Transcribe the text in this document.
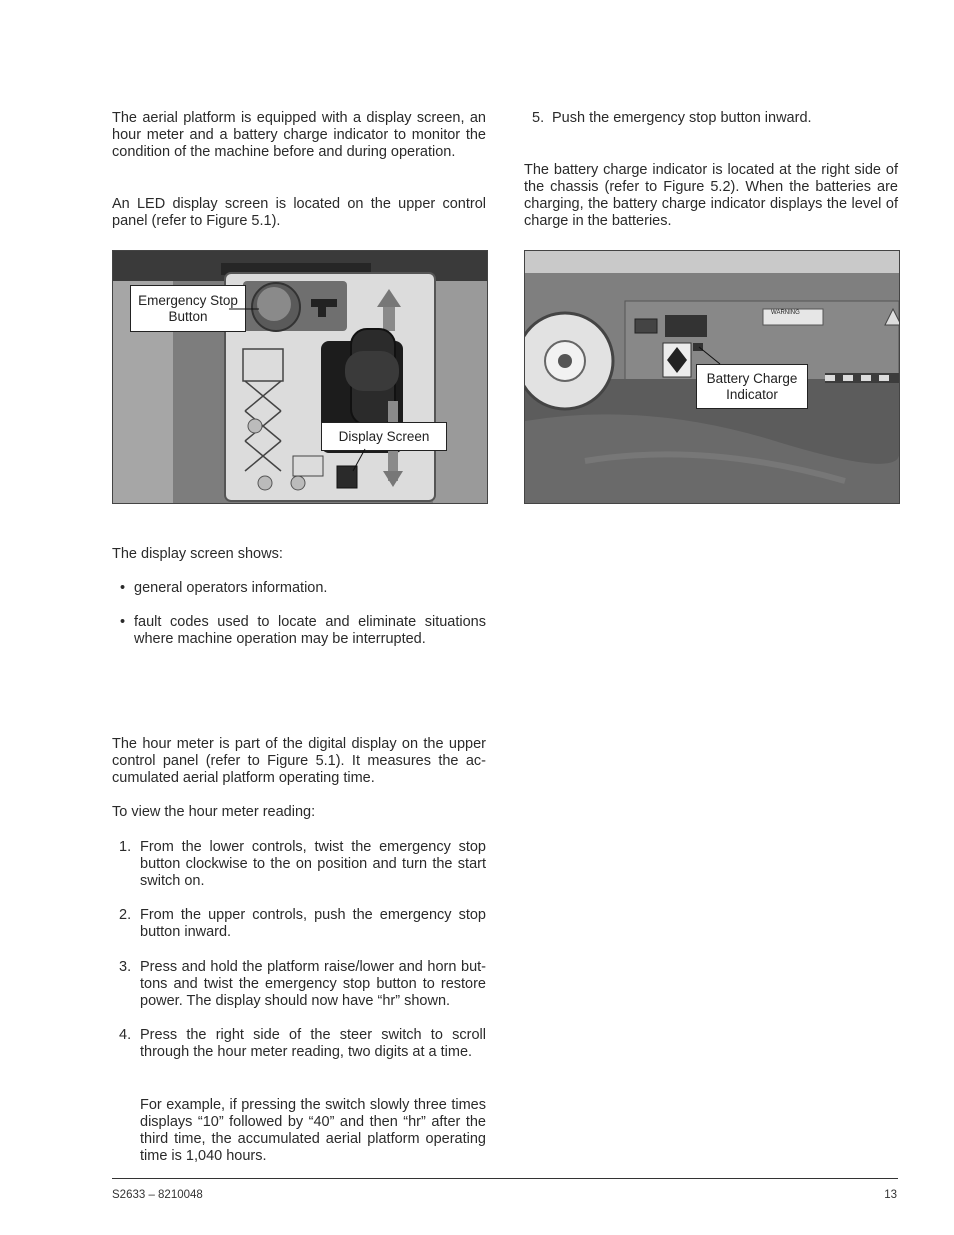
The aerial platform is equipped with a display screen, an hour meter and a battery charge indicator to monitor the condition of the machine before and during operation.

An LED display screen is located on the upper control panel (refer to Figure 5.1).

Emergency Stop Button
Display Screen

The display screen shows:

• general operators information.
• fault codes used to locate and eliminate situations where machine operation may be interrupted.

The hour meter is part of the digital display on the upper control panel (refer to Figure 5.1). It measures the ac-cumulated aerial platform operating time.

To view the hour meter reading:

1. From the lower controls, twist the emergency stop button clockwise to the on position and turn the start switch on.
2. From the upper controls, push the emergency stop button inward.
3. Press and hold the platform raise/lower and horn but-tons and twist the emergency stop button to restore power. The display should now have “hr” shown.
4. Press the right side of the steer switch to scroll through the hour meter reading, two digits at a time.
For example, if pressing the switch slowly three times displays “10” followed by “40” and then “hr” after the third time, the accumulated aerial platform operating time is 1,040 hours.
5. Push the emergency stop button inward.

The battery charge indicator is located at the right side of the chassis (refer to Figure 5.2). When the batteries are charging, the battery charge indicator displays the level of charge in the batteries.

WARNING
Battery Charge Indicator
S2633 – 8210048	13
